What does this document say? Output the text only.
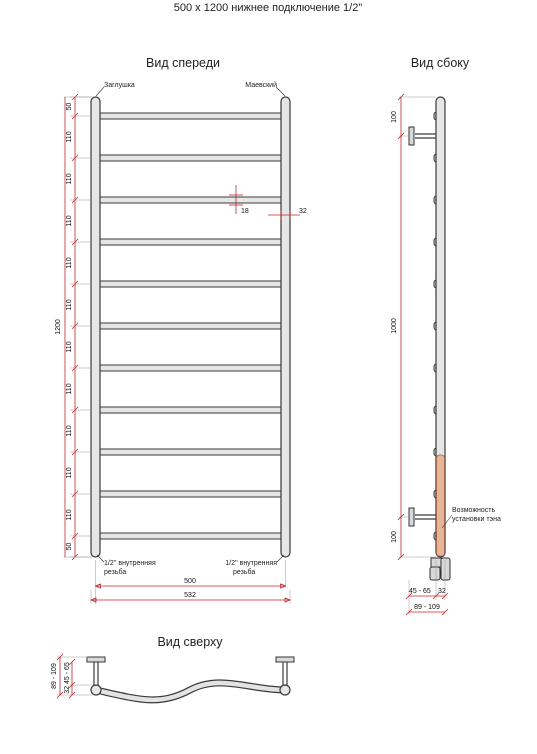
500 х 1200 нижнее подключение 1/2"
Вид спереди	Вид сбоку
Вид сверху
Заглушка	Маевский
50
110
110
110
110
110
110
110
110
110
110
50
1200
18	32
1/2'' внутренняя
резьба
1/2'' внутренняя
резьба
500
532
100
1000
100
Возможность
установки тэна
45 - 65 32
89 - 109
89 - 109 32 45 - 65
